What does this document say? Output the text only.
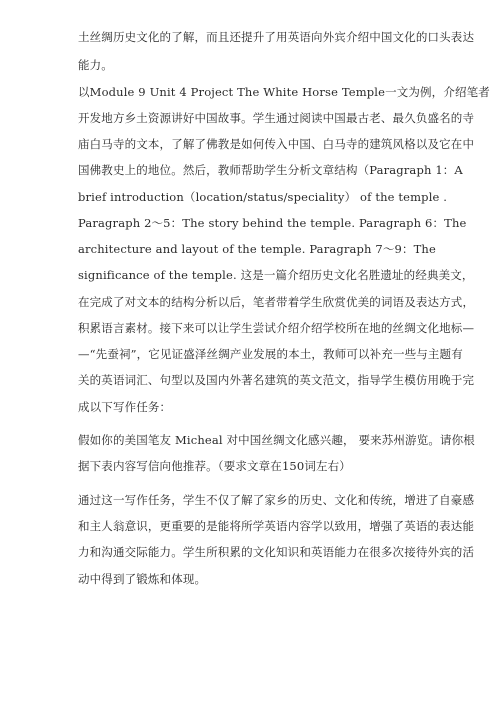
土丝绸历史文化的了解，而且还提升了用英语向外宾介绍中国文化的口头表达
能力。
以Module 9 Unit 4 Project The White Horse Temple一文为例，介绍笔者
开发地方乡土资源讲好中国故事。学生通过阅读中国最古老、最久负盛名的寺
庙白马寺的文本，了解了佛教是如何传入中国、白马寺的建筑风格以及它在中
国佛教史上的地位。然后，教师帮助学生分析文章结构（Paragraph 1：A
brief introduction（location/status/speciality） of the temple .
Paragraph 2～5：The story behind the temple. Paragraph 6：The
architecture and layout of the temple. Paragraph 7～9：The
significance of the temple. 这是一篇介绍历史文化名胜遗址的经典美文，
在完成了对文本的结构分析以后，笔者带着学生欣赏优美的词语及表达方式，
积累语言素材。接下来可以让学生尝试介绍介绍学校所在地的丝绸文化地标—
—“先蚕祠”，它见证盛泽丝绸产业发展的本土，教师可以补充一些与主题有
关的英语词汇、句型以及国内外著名建筑的英文范文，指导学生模仿用晚于完
成以下写作任务：
假如你的美国笔友 Micheal 对中国丝绸文化感兴趣， 要来苏州游览。请你根
据下表内容写信向他推荐。（要求文章在150词左右）
通过这一写作任务，学生不仅了解了家乡的历史、文化和传统，增进了自豪感
和主人翁意识，更重要的是能将所学英语内容学以致用，增强了英语的表达能
力和沟通交际能力。学生所积累的文化知识和英语能力在很多次接待外宾的活
动中得到了锻炼和体现。
